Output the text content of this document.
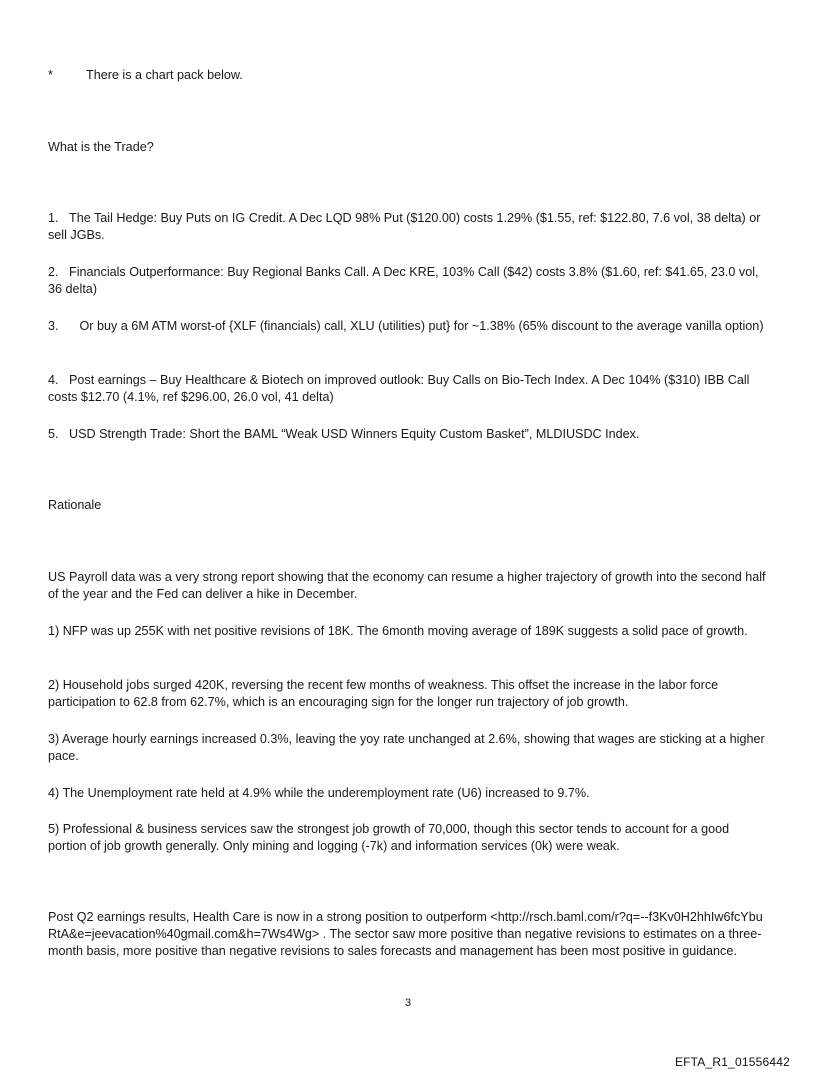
*	There is a chart pack below.

What is the Trade?

1. The Tail Hedge: Buy Puts on IG Credit. A Dec LQD 98% Put ($120.00) costs 1.29% ($1.55, ref: $122.80, 7.6 vol, 38 delta) or sell JGBs.

2. Financials Outperformance: Buy Regional Banks Call. A Dec KRE, 103% Call ($42) costs 3.8% ($1.60, ref: $41.65, 23.0 vol, 36 delta)

3. Or buy a 6M ATM worst-of {XLF (financials) call, XLU (utilities) put} for ~1.38% (65% discount to the average vanilla option)

4. Post earnings – Buy Healthcare & Biotech on improved outlook: Buy Calls on Bio-Tech Index. A Dec 104% ($310) IBB Call costs $12.70 (4.1%, ref $296.00, 26.0 vol, 41 delta)

5. USD Strength Trade: Short the BAML “Weak USD Winners Equity Custom Basket”, MLDIUSDC Index.

Rationale

US Payroll data was a very strong report showing that the economy can resume a higher trajectory of growth into the second half of the year and the Fed can deliver a hike in December.

1) NFP was up 255K with net positive revisions of 18K. The 6month moving average of 189K suggests a solid pace of growth.

2) Household jobs surged 420K, reversing the recent few months of weakness. This offset the increase in the labor force participation to 62.8 from 62.7%, which is an encouraging sign for the longer run trajectory of job growth.

3) Average hourly earnings increased 0.3%, leaving the yoy rate unchanged at 2.6%, showing that wages are sticking at a higher pace.

4) The Unemployment rate held at 4.9% while the underemployment rate (U6) increased to 9.7%.

5) Professional & business services saw the strongest job growth of 70,000, though this sector tends to account for a good portion of job growth generally. Only mining and logging (-7k) and information services (0k) were weak.

Post Q2 earnings results, Health Care is now in a strong position to outperform <http://rsch.baml.com/r?q=--f3Kv0H2hhIw6fcYbuRtA&e=jeevacation%40gmail.com&h=7Ws4Wg> . The sector saw more positive than negative revisions to estimates on a three-month basis, more positive than negative revisions to sales forecasts and management has been most positive in guidance.

3
EFTA_R1_01556442
